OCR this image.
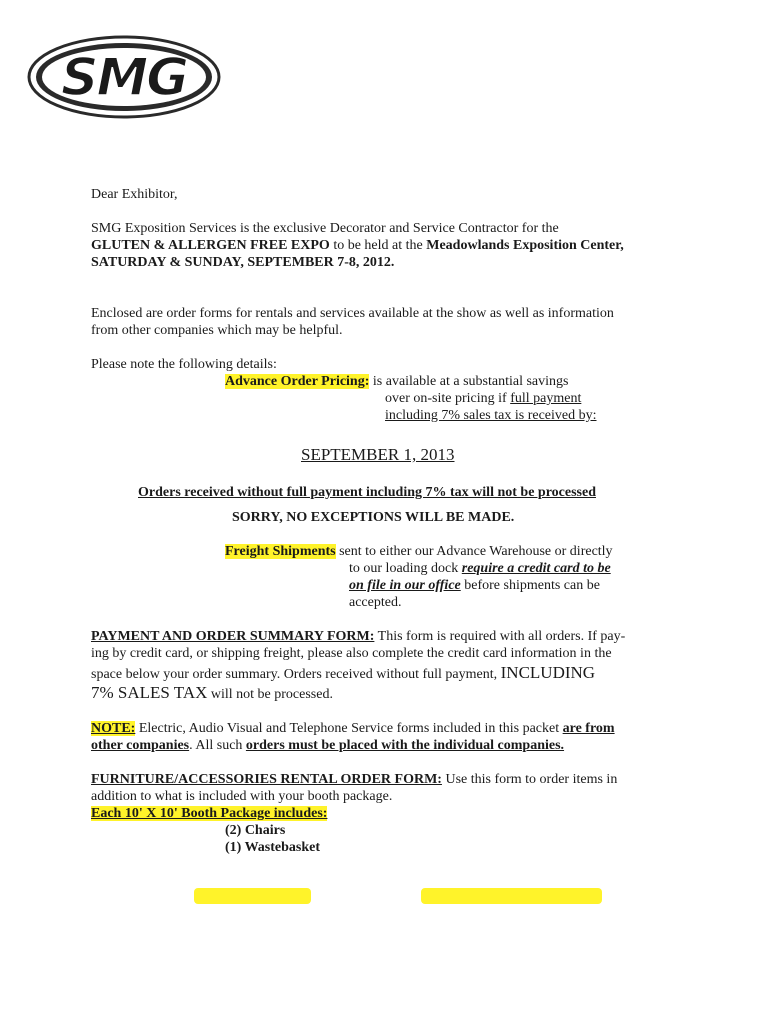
SMG
Dear Exhibitor,
SMG Exposition Services is the exclusive Decorator and Service Contractor for the
GLUTEN & ALLERGEN FREE EXPO to be held at the Meadowlands Exposition Center,
SATURDAY & SUNDAY, SEPTEMBER 7-8, 2012.
Enclosed are order forms for rentals and services available at the show as well as information
from other companies which may be helpful.
Please note the following details:
Advance Order Pricing: is available at a substantial savings
over on-site pricing if full payment
including 7% sales tax is received by:
SEPTEMBER 1, 2013
Orders received without full payment including 7% tax will not be processed
SORRY, NO EXCEPTIONS WILL BE MADE.
Freight Shipments sent to either our Advance Warehouse or directly
to our loading dock require a credit card to be
on file in our office before shipments can be
accepted.
PAYMENT AND ORDER SUMMARY FORM: This form is required with all orders. If pay-
ing by credit card, or shipping freight, please also complete the credit card information in the
space below your order summary. Orders received without full payment, INCLUDING
7% SALES TAX will not be processed.
NOTE: Electric, Audio Visual and Telephone Service forms included in this packet are from
other companies. All such orders must be placed with the individual companies.
FURNITURE/ACCESSORIES RENTAL ORDER FORM: Use this form to order items in
addition to what is included with your booth package.
Each 10' X 10' Booth Package includes:
(2) Chairs
(1) Wastebasket
